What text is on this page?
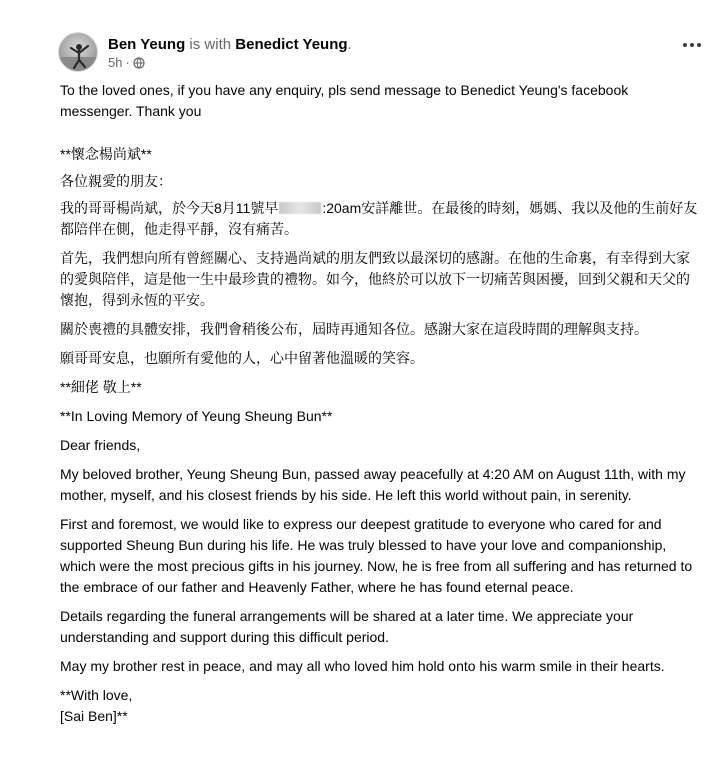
Ben Yeung is with Benedict Yeung.
5h ·

To the loved ones, if you have any enquiry, pls send message to Benedict Yeung's facebook messenger. Thank you

**懷念楊尚斌**

各位親愛的朋友：

我的哥哥楊尚斌，於今天8月11號早	:20am安詳離世。在最後的時刻，媽媽、我以及他的生前好友都陪伴在側，他走得平靜，沒有痛苦。

首先，我們想向所有曾經關心、支持過尚斌的朋友們致以最深切的感謝。在他的生命裏，有幸得到大家的愛與陪伴，這是他一生中最珍貴的禮物。如今，他終於可以放下一切痛苦與困擾，回到父親和天父的懷抱，得到永恆的平安。

關於喪禮的具體安排，我們會稍後公布，屆時再通知各位。感謝大家在這段時間的理解與支持。

願哥哥安息，也願所有愛他的人，心中留著他溫暖的笑容。

**細佬 敬上**

**In Loving Memory of Yeung Sheung Bun**

Dear friends,

My beloved brother, Yeung Sheung Bun, passed away peacefully at 4:20 AM on August 11th, with my mother, myself, and his closest friends by his side. He left this world without pain, in serenity.

First and foremost, we would like to express our deepest gratitude to everyone who cared for and supported Sheung Bun during his life. He was truly blessed to have your love and companionship, which were the most precious gifts in his journey. Now, he is free from all suffering and has returned to the embrace of our father and Heavenly Father, where he has found eternal peace.

Details regarding the funeral arrangements will be shared at a later time. We appreciate your understanding and support during this difficult period.

May my brother rest in peace, and may all who loved him hold onto his warm smile in their hearts.

**With love,

[Sai Ben]**
